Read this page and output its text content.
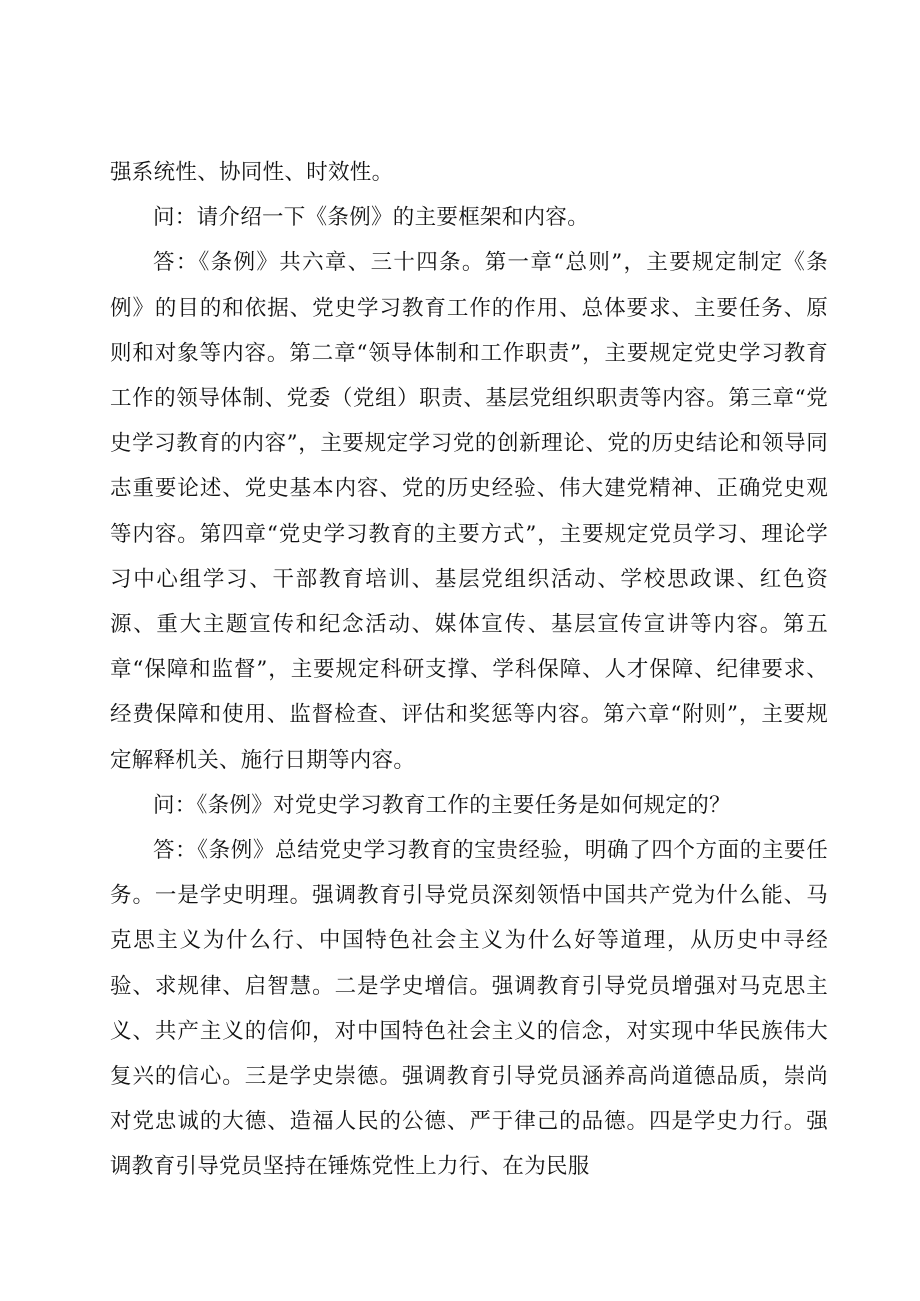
强系统性、协同性、时效性。

问：请介绍一下《条例》的主要框架和内容。

答：《条例》共六章、三十四条。第一章“总则”，主要规定制定《条例》的目的和依据、党史学习教育工作的作用、总体要求、主要任务、原则和对象等内容。第二章“领导体制和工作职责”，主要规定党史学习教育工作的领导体制、党委（党组）职责、基层党组织职责等内容。第三章“党史学习教育的内容”，主要规定学习党的创新理论、党的历史结论和领导同志重要论述、党史基本内容、党的历史经验、伟大建党精神、正确党史观等内容。第四章“党史学习教育的主要方式”，主要规定党员学习、理论学习中心组学习、干部教育培训、基层党组织活动、学校思政课、红色资源、重大主题宣传和纪念活动、媒体宣传、基层宣传宣讲等内容。第五章“保障和监督”，主要规定科研支撑、学科保障、人才保障、纪律要求、经费保障和使用、监督检查、评估和奖惩等内容。第六章“附则”，主要规定解释机关、施行日期等内容。

问：《条例》对党史学习教育工作的主要任务是如何规定的？

答：《条例》总结党史学习教育的宝贵经验，明确了四个方面的主要任务。一是学史明理。强调教育引导党员深刻领悟中国共产党为什么能、马克思主义为什么行、中国特色社会主义为什么好等道理，从历史中寻经验、求规律、启智慧。二是学史增信。强调教育引导党员增强对马克思主义、共产主义的信仰，对中国特色社会主义的信念，对实现中华民族伟大复兴的信心。三是学史崇德。强调教育引导党员涵养高尚道德品质，崇尚对党忠诚的大德、造福人民的公德、严于律己的品德。四是学史力行。强调教育引导党员坚持在锤炼党性上力行、在为民服
